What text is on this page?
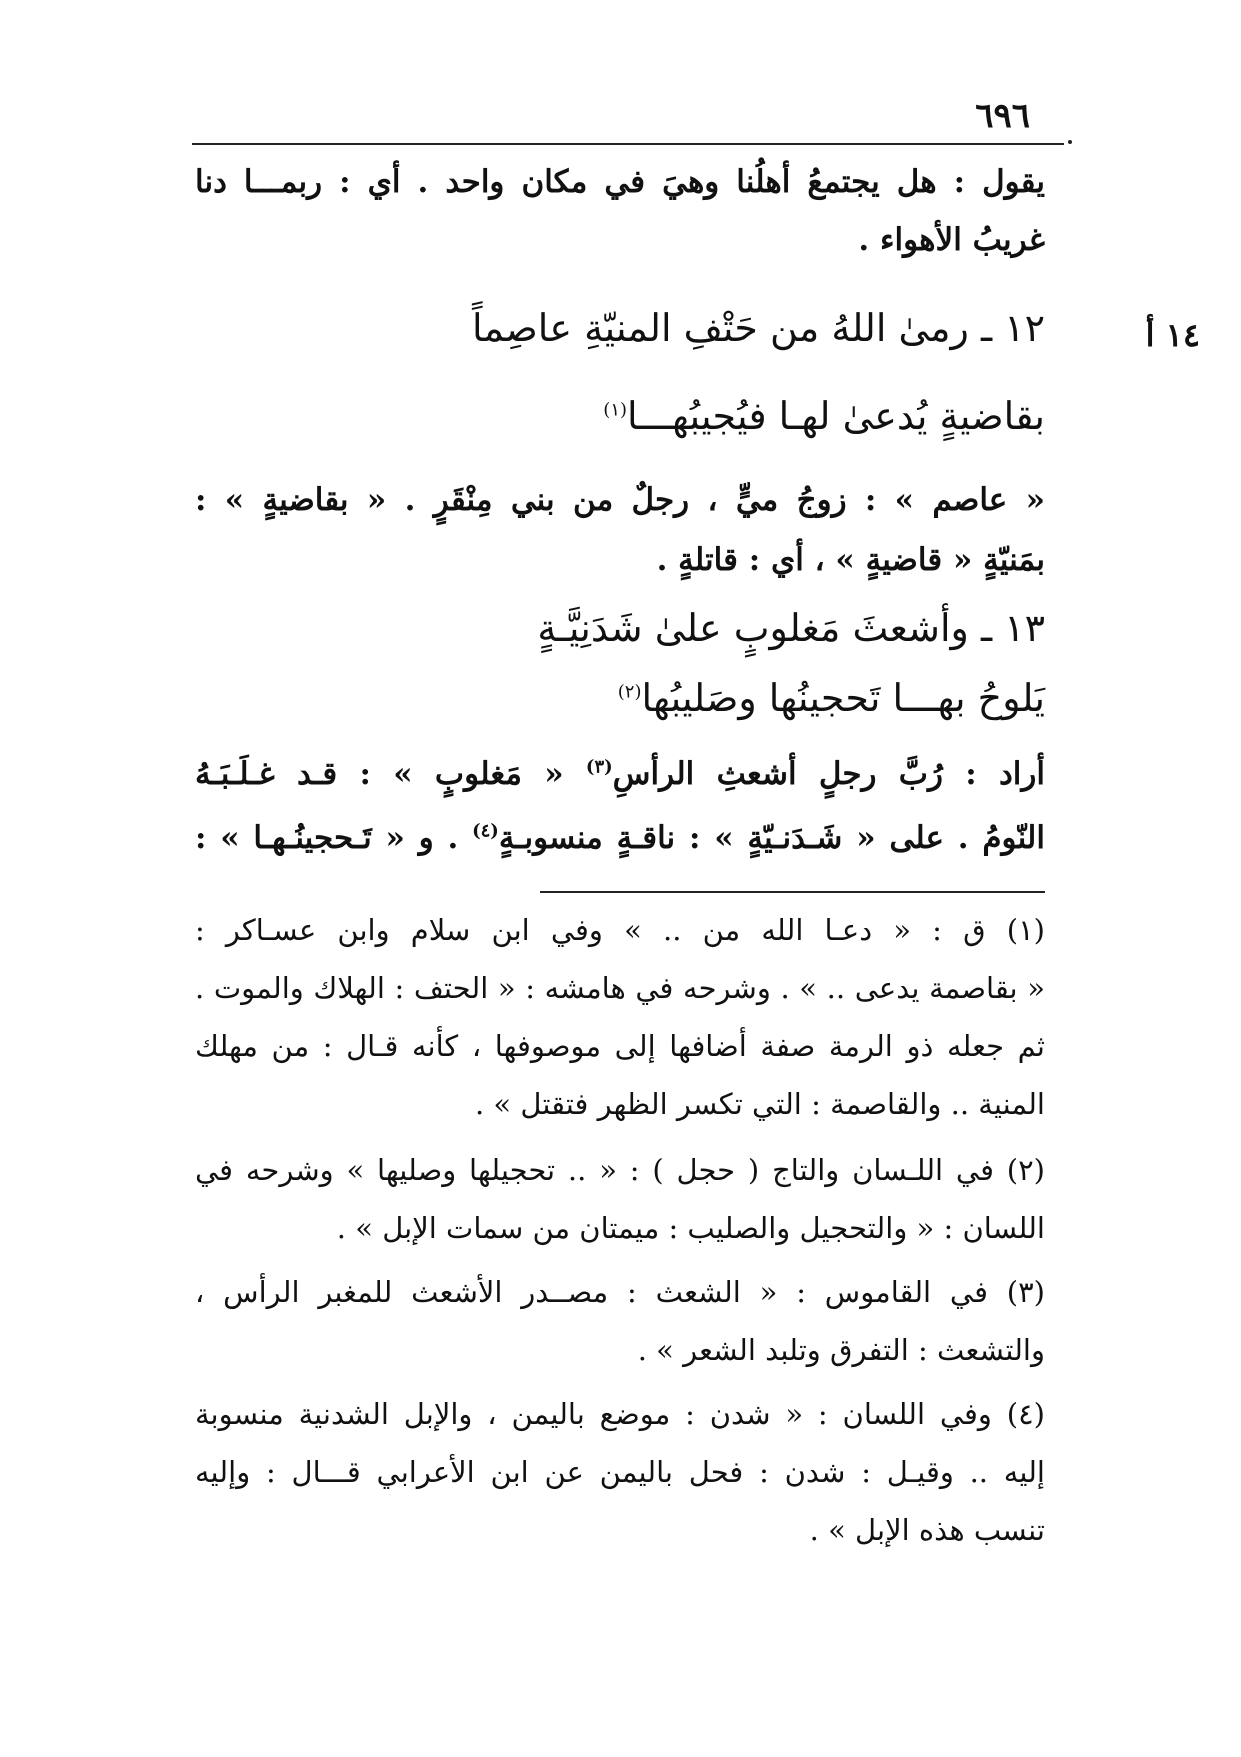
٦٩٦
يقول : هل يجتمعُ أهلُنا وهيَ في مكان واحد . أي : ربمـــا دنا
غريبُ الأهواء .
١٤ أ
١٢ ـ رمىٰ اللهُ من حَتْفِ المنيّةِ عاصِماً
بقاضيةٍ يُدعىٰ لهـا فيُجيبُهـــا$^{(١)}$
« عاصم » : زوجُ ميٍّ ، رجلٌ من بني مِنْقَرٍ . « بقاضيةٍ » :
بمَنيّةٍ « قاضيةٍ » ، أي : قاتلةٍ .
١٣ ـ وأشعثَ مَغلوبٍ علىٰ شَدَنِيَّـةٍ
يَلوحُ بهـــا تَحجينُها وصَليبُها$^{(٢)}$
أراد : رُبَّ رجلٍ أشعثِ الرأسِ$^{(٣)}$ « مَغلوبٍ » : قـد غـلَـبَـهُ
النّومُ . على « شَـدَنـيّةٍ » : ناقـةٍ منسوبـةٍ$^{(٤)}$ . و « تَـحجينُـهـا » :
(١) ق : « دعـا الله من .. » وفي ابن سلام وابن عسـاكر :
« بقاصمة يدعى .. » . وشرحه في هامشه : « الحتف : الهلاك والموت .
ثم جعله ذو الرمة صفة أضافها إلى موصوفها ، كأنه قـال : من مهلك
المنية .. والقاصمة : التي تكسر الظهر فتقتل » .
(٢) في اللـسان والتاج ( حجل ) : « .. تحجيلها وصليها » وشرحه في
اللسان : « والتحجيل والصليب : ميمتان من سمات الإبل » .
(٣) في القاموس : « الشعث : مصــدر الأشعث للمغبر الرأس ،
والتشعث : التفرق وتلبد الشعر » .
(٤) وفي اللسان : « شدن : موضع باليمن ، والإبل الشدنية منسوبة
إليه .. وقيـل : شدن : فحل باليمن عن ابن الأعرابي قـــال : وإليه
تنسب هذه الإبل » .
